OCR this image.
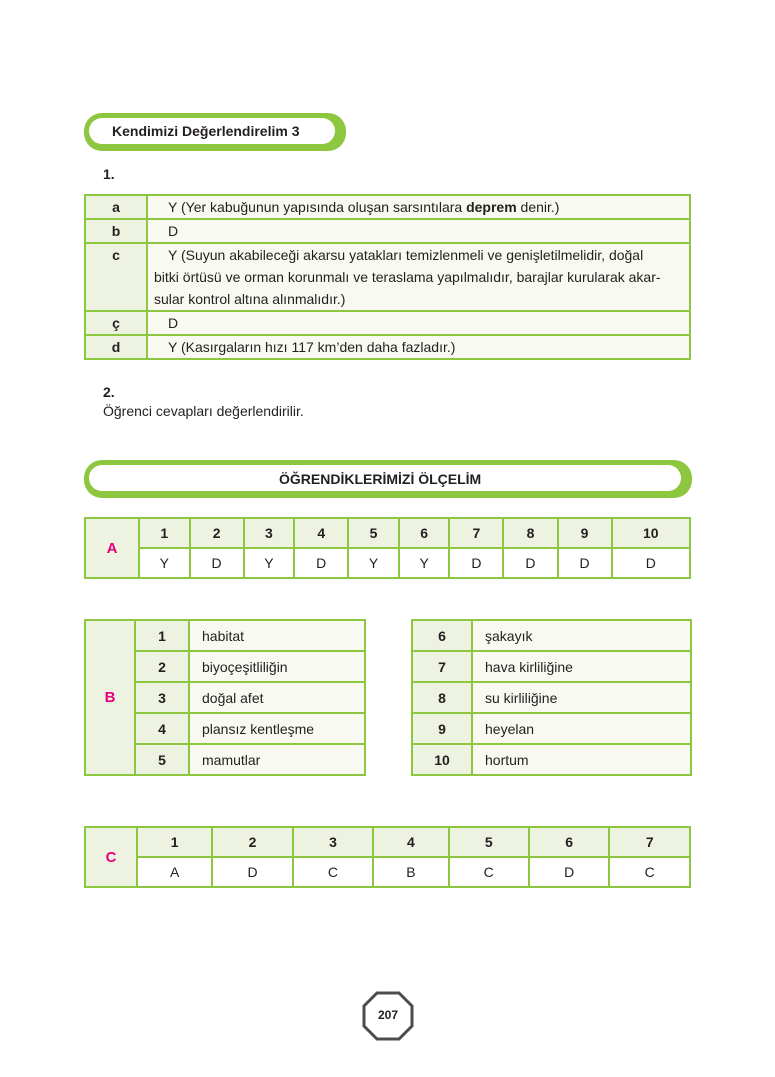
Kendimizi Değerlendirelim 3
1.
a	Y (Yer kabuğunun yapısında oluşan sarsıntılara deprem denir.)
b	D
c	Y (Suyun akabileceği akarsu yatakları temizlenmeli ve genişletilmelidir, doğal
bitki örtüsü ve orman korunmalı ve teraslama yapılmalıdır, barajlar kurularak akar-
sular kontrol altına alınmalıdır.)

ç	D
d	Y (Kasırgaların hızı 117 km’den daha fazladır.)
2.
Öğrenci cevapları değerlendirilir.
ÖĞRENDİKLERİMİZİ ÖLÇELİM
A	1	2	3	4	5	6	7	8	9	10
	Y	D	Y	D	Y	Y	D	D	D	D
B	1	habitat
	2	biyoçeşitliliğin
	3	doğal afet
	4	plansız kentleşme
	5	mamutlar
6	şakayık
7	hava kirliliğine
8	su kirliliğine
9	heyelan
10	hortum
C	1	2	3	4	5	6	7
	A	D	C	B	C	D	C
207
